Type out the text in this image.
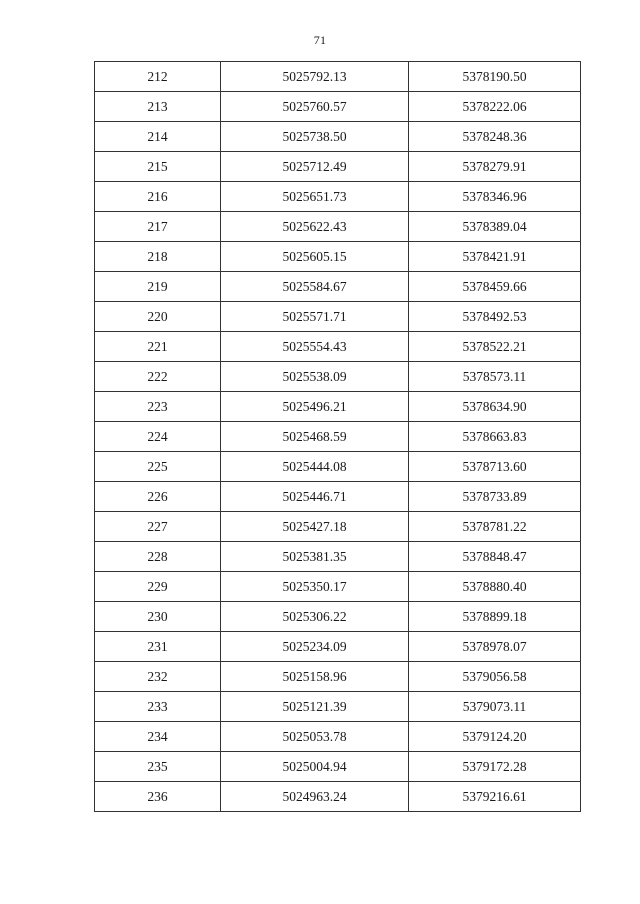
71
212	5025792.13	5378190.50
213	5025760.57	5378222.06
214	5025738.50	5378248.36
215	5025712.49	5378279.91
216	5025651.73	5378346.96
217	5025622.43	5378389.04
218	5025605.15	5378421.91
219	5025584.67	5378459.66
220	5025571.71	5378492.53
221	5025554.43	5378522.21
222	5025538.09	5378573.11
223	5025496.21	5378634.90
224	5025468.59	5378663.83
225	5025444.08	5378713.60
226	5025446.71	5378733.89
227	5025427.18	5378781.22
228	5025381.35	5378848.47
229	5025350.17	5378880.40
230	5025306.22	5378899.18
231	5025234.09	5378978.07
232	5025158.96	5379056.58
233	5025121.39	5379073.11
234	5025053.78	5379124.20
235	5025004.94	5379172.28
236	5024963.24	5379216.61
